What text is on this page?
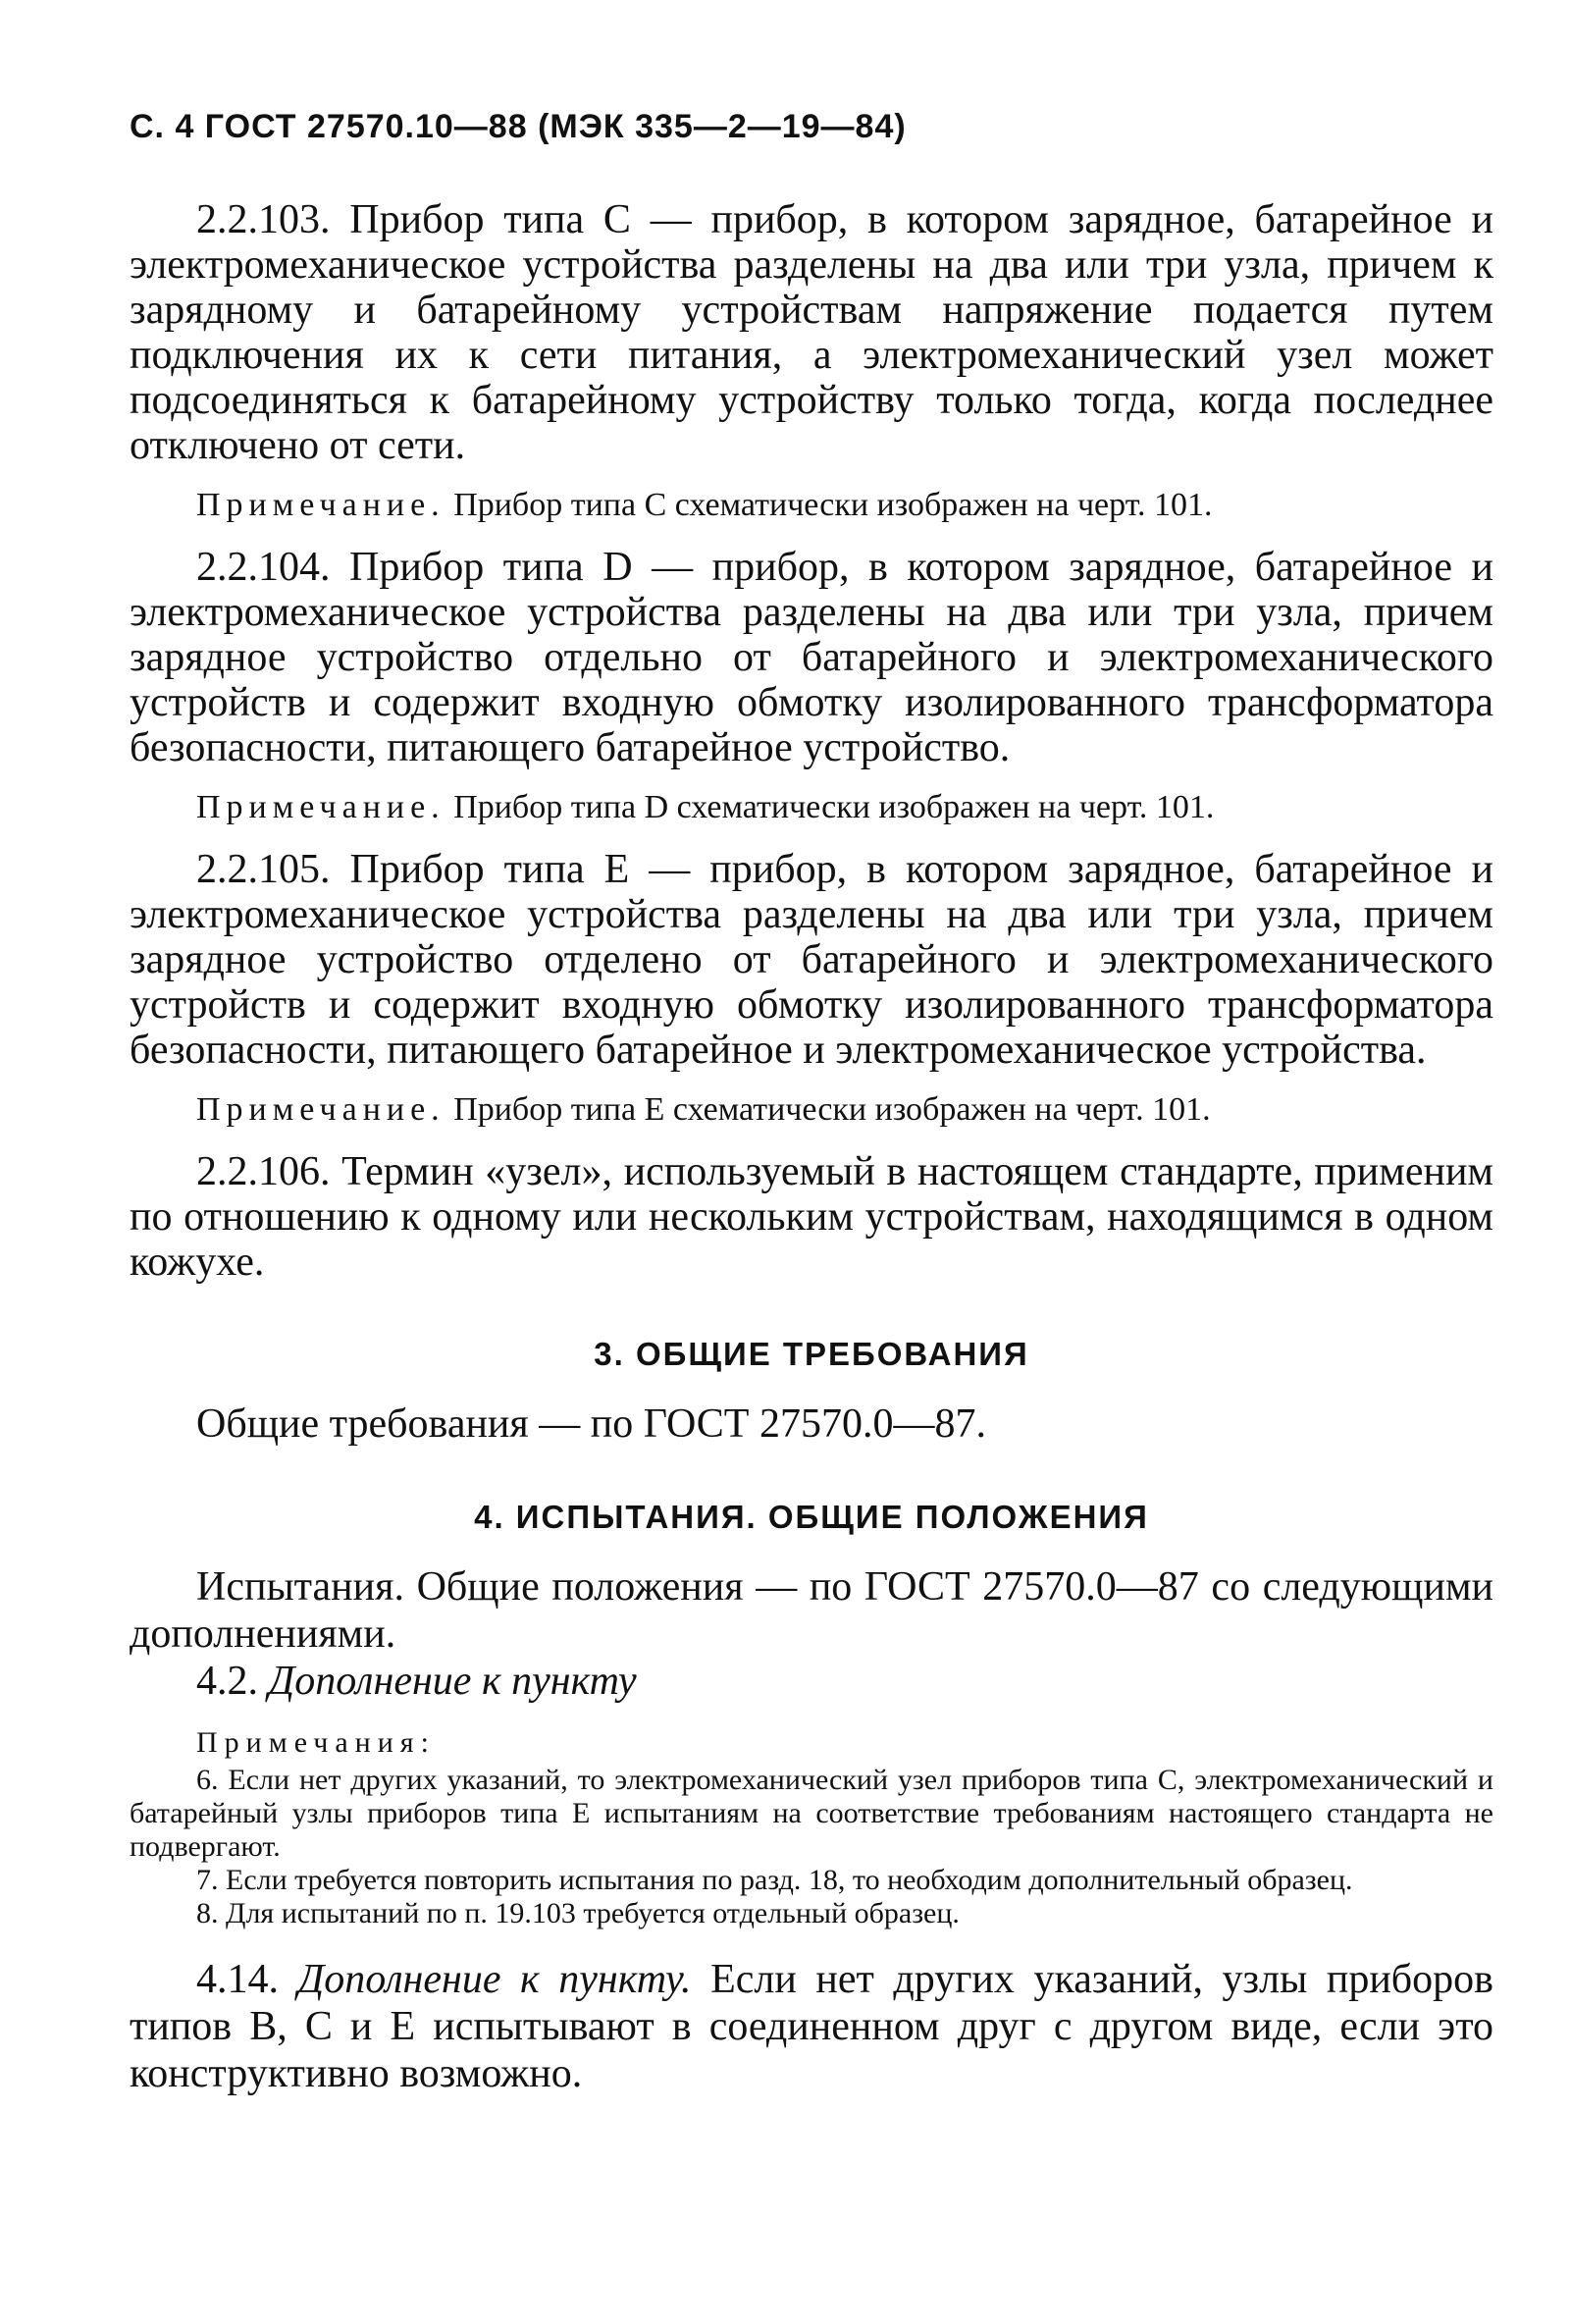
С. 4 ГОСТ 27570.10—88 (МЭК 335—2—19—84)

2.2.103. Прибор типа С — прибор, в котором зарядное, батарейное и электромеханическое устройства разделены на два или три узла, причем к зарядному и батарейному устройствам напряжение подается путем подключения их к сети питания, а электромеханический узел может подсоединяться к батарейному устройству только тогда, когда последнее отключено от сети.

Примечание. Прибор типа С схематически изображен на черт. 101.

2.2.104. Прибор типа D — прибор, в котором зарядное, батарейное и электромеханическое устройства разделены на два или три узла, причем зарядное устройство отдельно от батарейного и электромеханического устройств и содержит входную обмотку изолированного трансформатора безопасности, питающего батарейное устройство.

Примечание. Прибор типа D схематически изображен на черт. 101.

2.2.105. Прибор типа Е — прибор, в котором зарядное, батарейное и электромеханическое устройства разделены на два или три узла, причем зарядное устройство отделено от батарейного и электромеханического устройств и содержит входную обмотку изолированного трансформатора безопасности, питающего батарейное и электромеханическое устройства.

Примечание. Прибор типа Е схематически изображен на черт. 101.

2.2.106. Термин «узел», используемый в настоящем стандарте, применим по отношению к одному или нескольким устройствам, находящимся в одном кожухе.

3. ОБЩИЕ ТРЕБОВАНИЯ

Общие требования — по ГОСТ 27570.0—87.

4. ИСПЫТАНИЯ. ОБЩИЕ ПОЛОЖЕНИЯ

Испытания. Общие положения — по ГОСТ 27570.0—87 со следующими дополнениями.

4.2. Дополнение к пункту

Примечания:

6. Если нет других указаний, то электромеханический узел приборов типа С, электромеханический и батарейный узлы приборов типа Е испытаниям на соответствие требованиям настоящего стандарта не подвергают.

7. Если требуется повторить испытания по разд. 18, то необходим дополнительный образец.

8. Для испытаний по п. 19.103 требуется отдельный образец.

4.14. Дополнение к пункту. Если нет других указаний, узлы приборов типов В, С и Е испытывают в соединенном друг с другом виде, если это конструктивно возможно.
